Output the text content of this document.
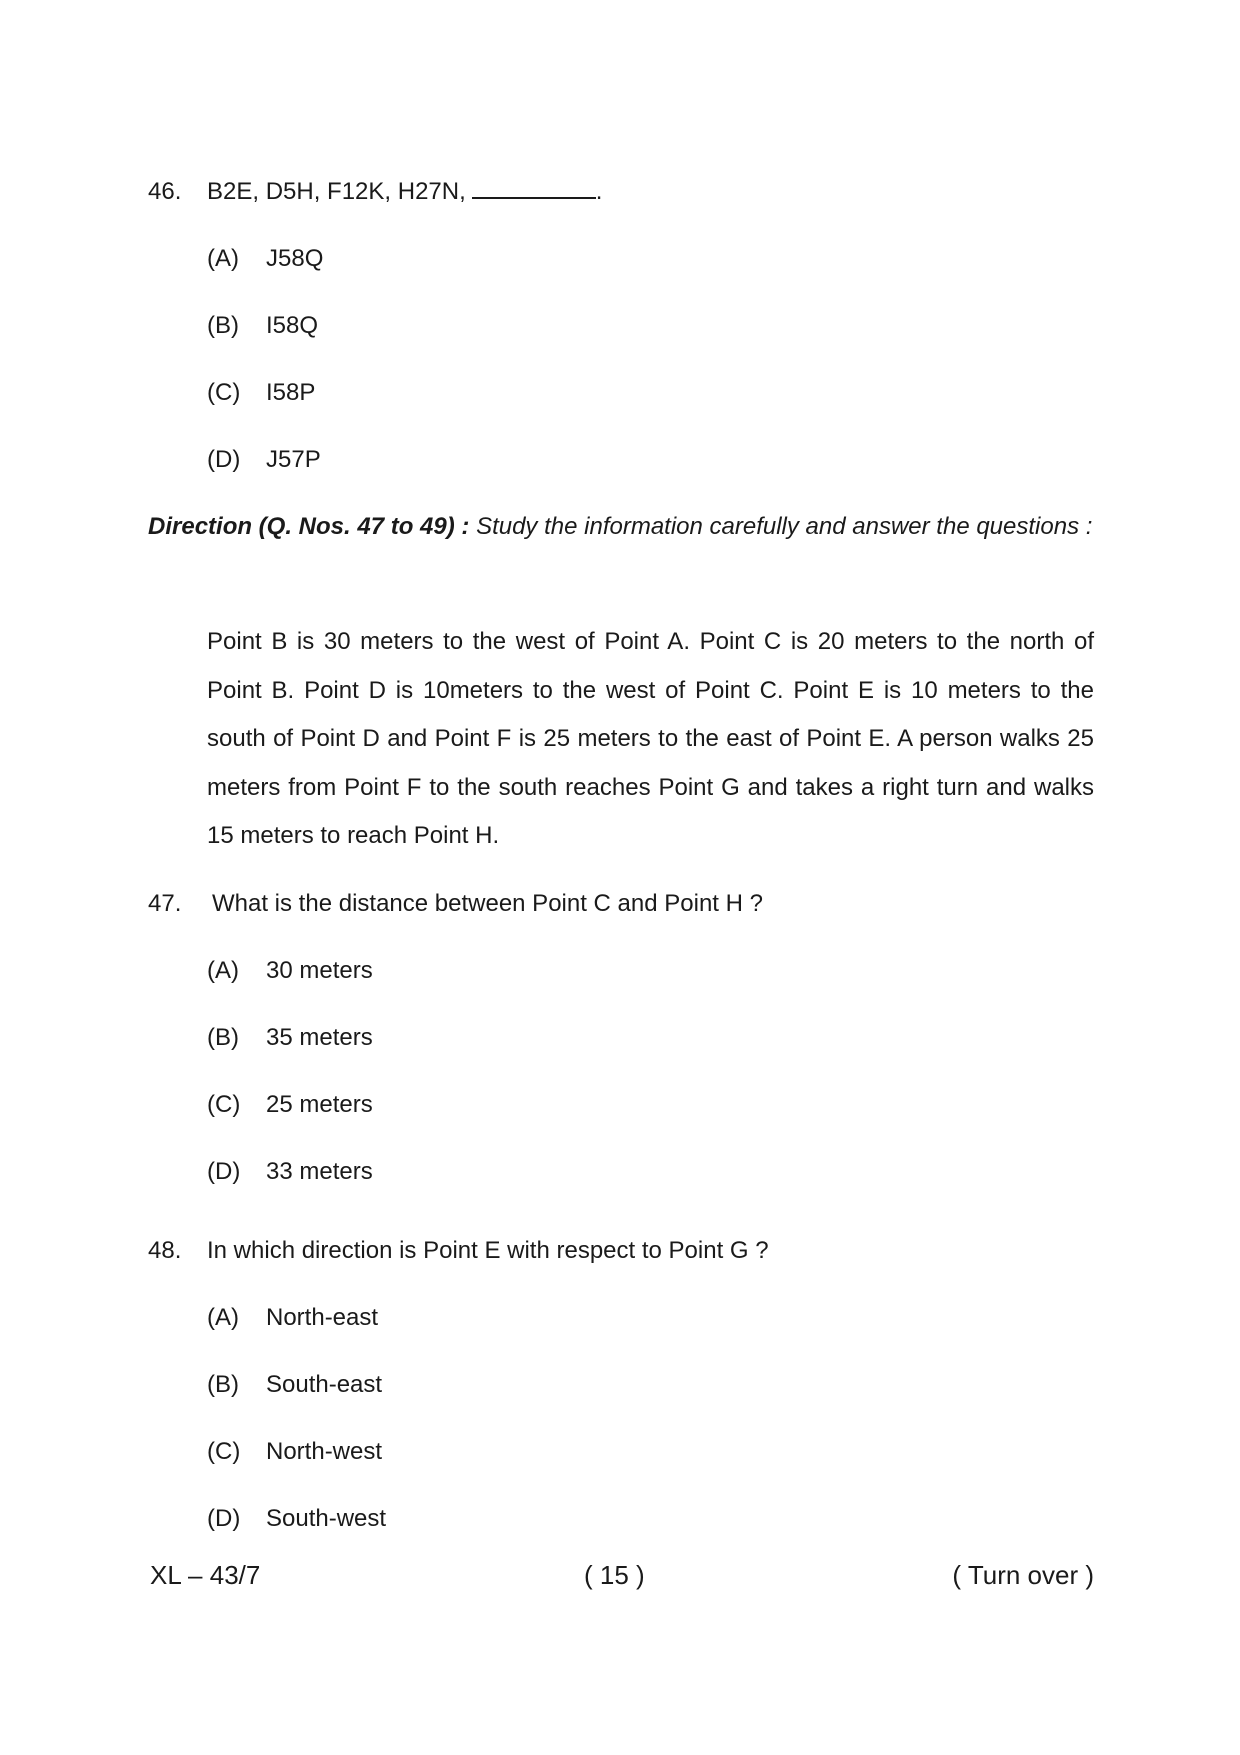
46. B2E, D5H, F12K, H27N,	.
(A) J58Q
(B) I58Q
(C) I58P
(D) J57P
Direction (Q. Nos. 47 to 49) : Study the information carefully and answer the questions :
Point B is 30 meters to the west of Point A. Point C is 20 meters to the north of Point B. Point D is 10meters to the west of Point C. Point E is 10 meters to the south of Point D and Point F is 25 meters to the east of Point E. A person walks 25 meters from Point F to the south reaches Point G and takes a right turn and walks 15 meters to reach Point H.
47. What is the distance between Point C and Point H ?
(A) 30 meters
(B) 35 meters
(C) 25 meters
(D) 33 meters
48. In which direction is Point E with respect to Point G ?
(A) North-east
(B) South-east
(C) North-west
(D) South-west
XL – 43/7	( 15 )	( Turn over )
